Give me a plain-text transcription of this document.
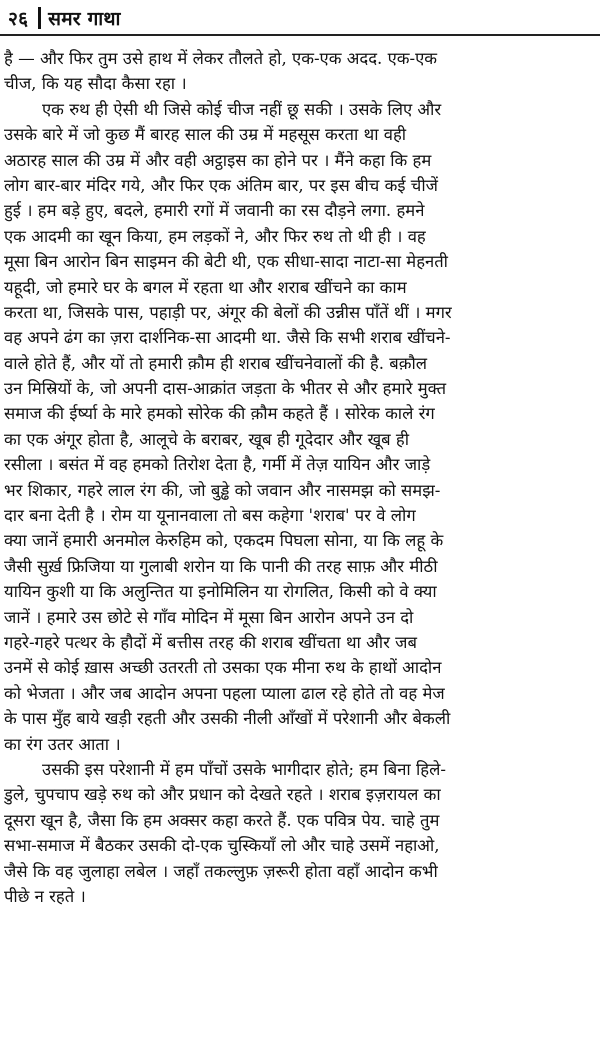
२६ समर गाथा
है — और फिर तुम उसे हाथ में लेकर तौलते हो, एक-एक अदद. एक-एक
चीज, कि यह सौदा कैसा रहा ।
एक रुथ ही ऐसी थी जिसे कोई चीज नहीं छू सकी । उसके लिए और
उसके बारे में जो कुछ मैं बारह साल की उम्र में महसूस करता था वही
अठारह साल की उम्र में और वही अट्ठाइस का होने पर । मैंने कहा कि हम
लोग बार-बार मंदिर गये, और फिर एक अंतिम बार, पर इस बीच कई चीजें
हुई । हम बड़े हुए, बदले, हमारी रगों में जवानी का रस दौड़ने लगा. हमने
एक आदमी का खून किया, हम लड़कों ने, और फिर रुथ तो थी ही । वह
मूसा बिन आरोन बिन साइमन की बेटी थी, एक सीधा-सादा नाटा-सा मेहनती
यहूदी, जो हमारे घर के बगल में रहता था और शराब खींचने का काम
करता था, जिसके पास, पहाड़ी पर, अंगूर की बेलों की उन्नीस पाँतें थीं । मगर
वह अपने ढंग का ज़रा दार्शनिक-सा आदमी था. जैसे कि सभी शराब खींचने-
वाले होते हैं, और यों तो हमारी क़ौम ही शराब खींचनेवालों की है. बक़ौल
उन मिस्रियों के, जो अपनी दास-आक्रांत जड़ता के भीतर से और हमारे मुक्त
समाज की ईर्ष्या के मारे हमको सोरेक की क़ौम कहते हैं । सोरेक काले रंग
का एक अंगूर होता है, आलूचे के बराबर, खूब ही गूदेदार और खूब ही
रसीला । बसंत में वह हमको तिरोश देता है, गर्मी में तेज़ यायिन और जाड़े
भर शिकार, गहरे लाल रंग की, जो बुड्ढे को जवान और नासमझ को समझ-
दार बना देती है । रोम या यूनानवाला तो बस कहेगा 'शराब' पर वे लोग
क्या जानें हमारी अनमोल केरुहिम को, एकदम पिघला सोना, या कि लहू के
जैसी सुर्ख़ फ्रिजिया या गुलाबी शरोन या कि पानी की तरह साफ़ और मीठी
यायिन कुशी या कि अलुन्तित या इनोमिलिन या रोगलित, किसी को वे क्या
जानें । हमारे उस छोटे से गाँव मोदिन में मूसा बिन आरोन अपने उन दो
गहरे-गहरे पत्थर के हौदों में बत्तीस तरह की शराब खींचता था और जब
उनमें से कोई ख़ास अच्छी उतरती तो उसका एक मीना रुथ के हाथों आदोन
को भेजता । और जब आदोन अपना पहला प्याला ढाल रहे होते तो वह मेज
के पास मुँह बाये खड़ी रहती और उसकी नीली आँखों में परेशानी और बेकली
का रंग उतर आता ।
उसकी इस परेशानी में हम पाँचों उसके भागीदार होते; हम बिना हिले-
डुले, चुपचाप खड़े रुथ को और प्रधान को देखते रहते । शराब इज़रायल का
दूसरा खून है, जैसा कि हम अक्सर कहा करते हैं. एक पवित्र पेय. चाहे तुम
सभा-समाज में बैठकर उसकी दो-एक चुस्कियाँ लो और चाहे उसमें नहाओ,
जैसे कि वह जुलाहा लबेल । जहाँ तकल्लुफ़ ज़रूरी होता वहाँ आदोन कभी
पीछे न रहते ।
